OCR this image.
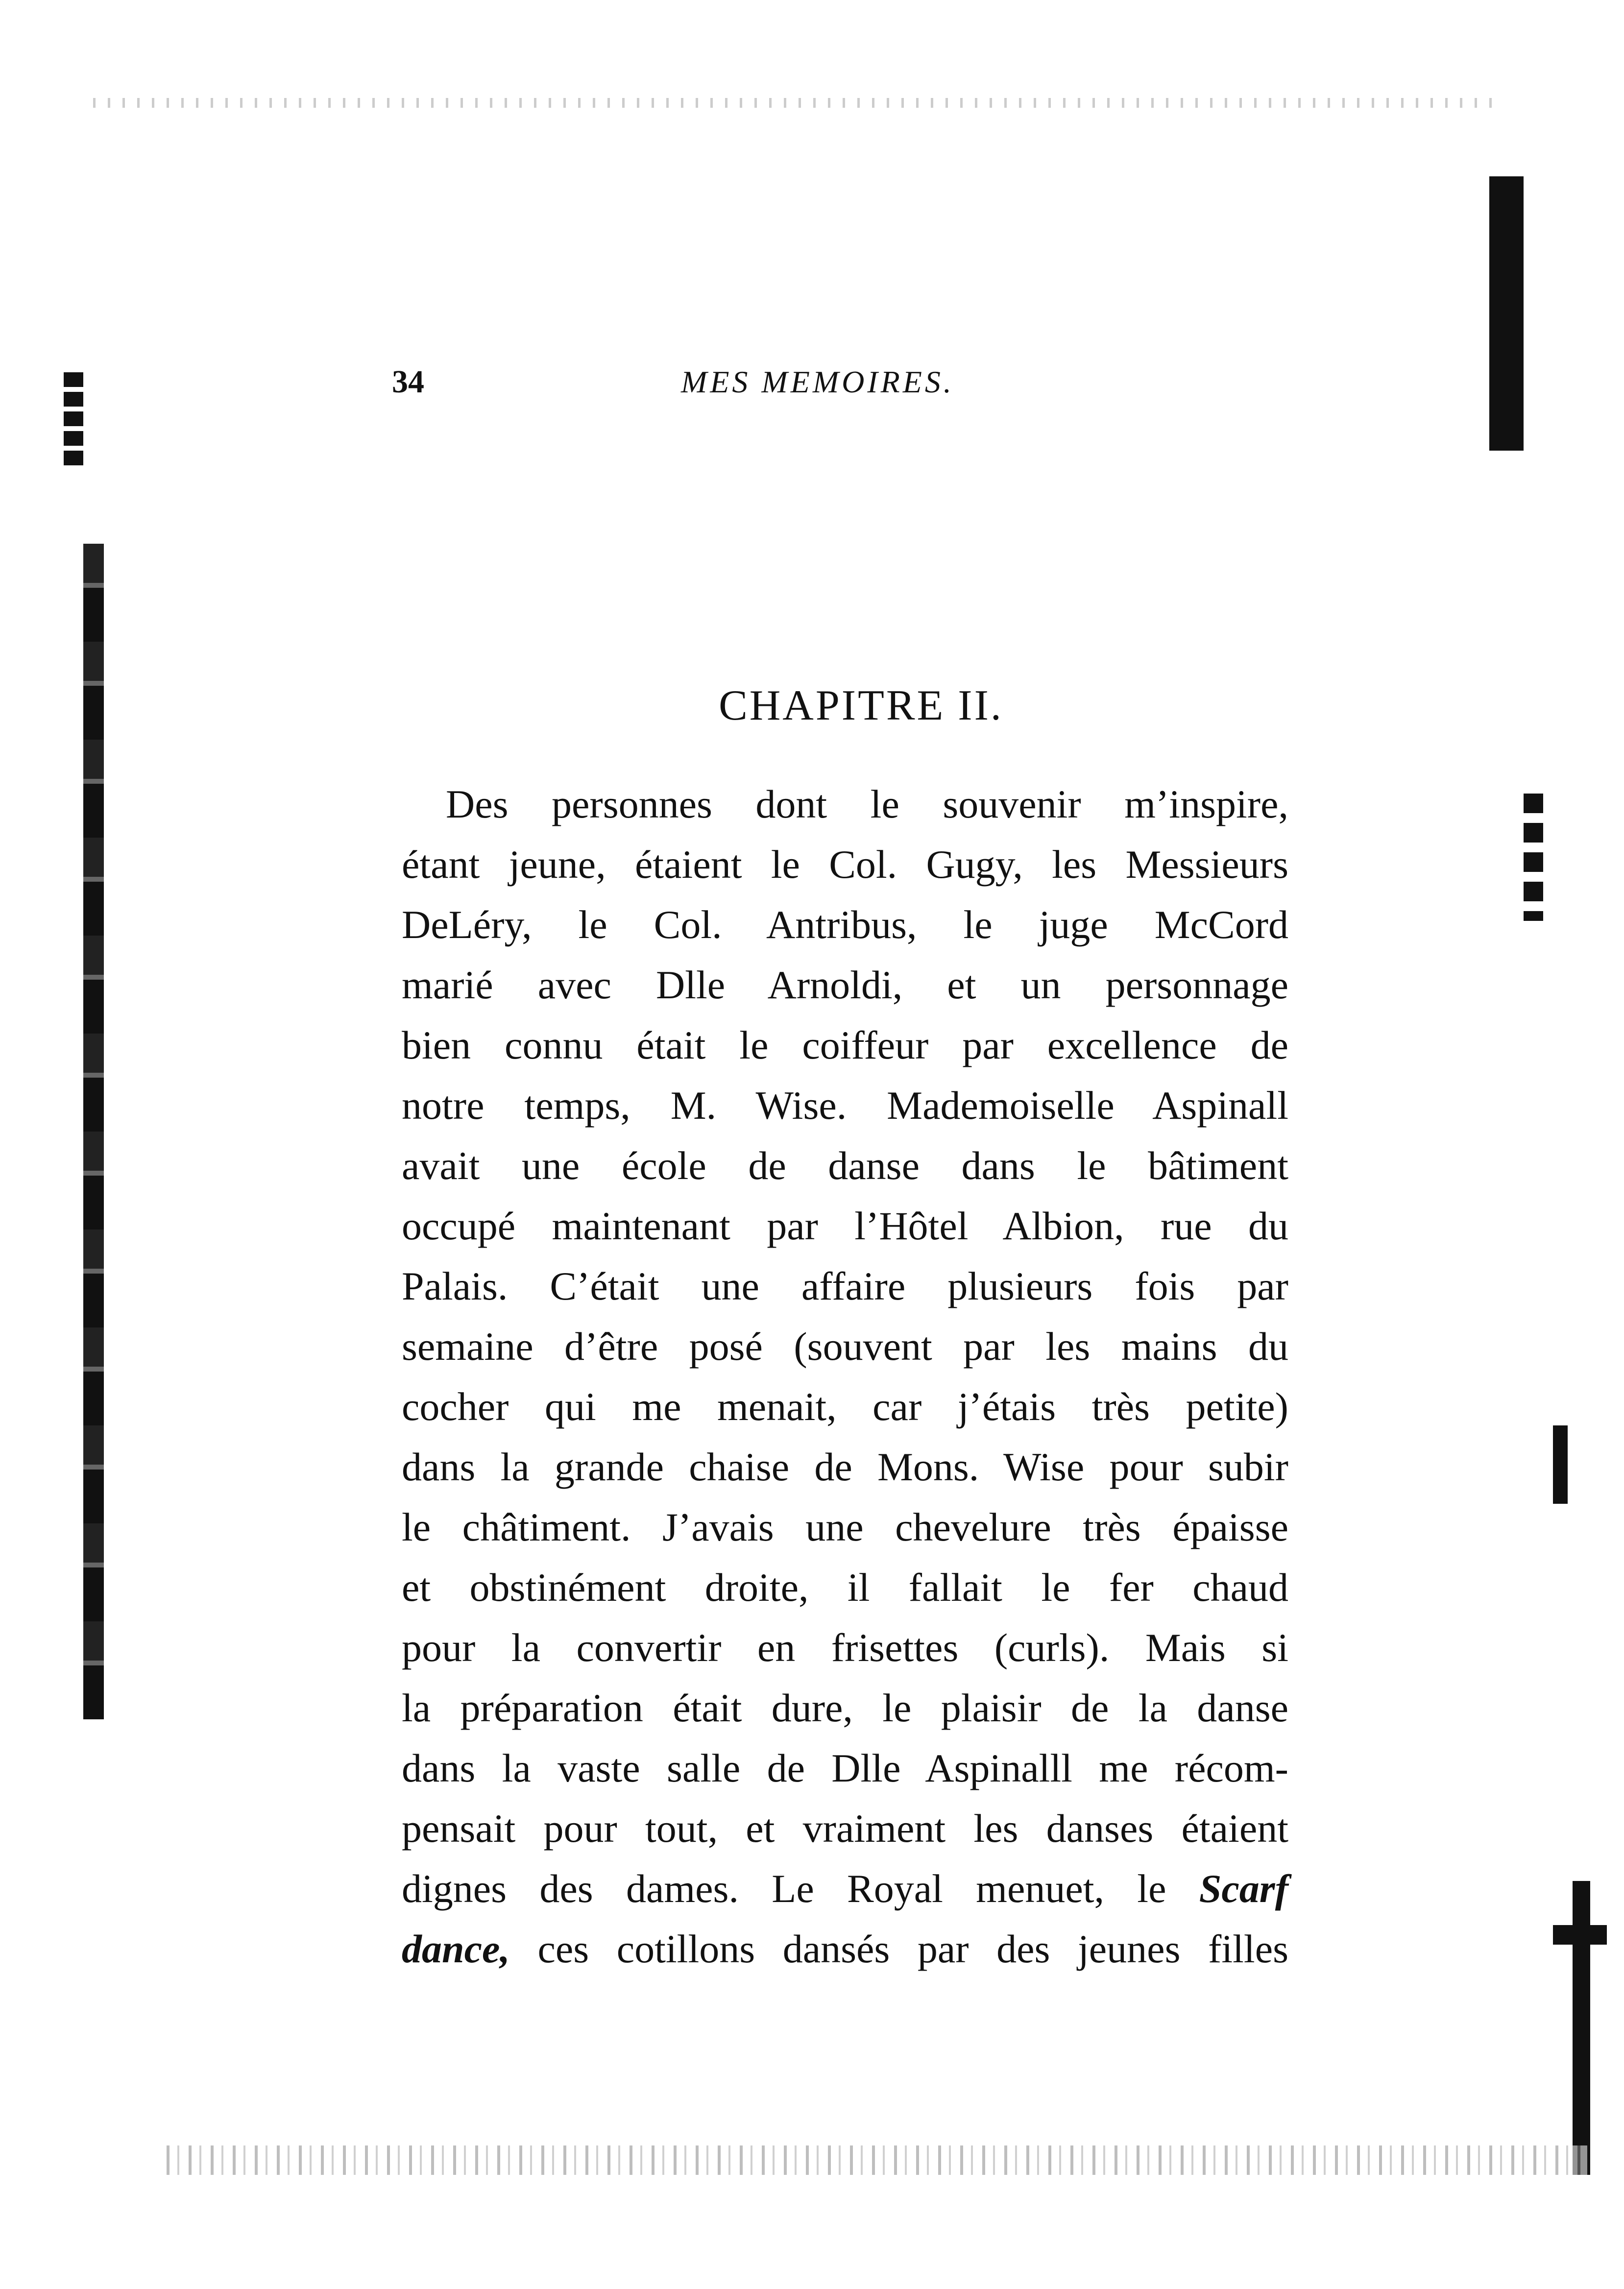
34	MES MEMOIRES.
CHAPITRE II.
Des personnes dont le souvenir m’inspire,
étant jeune, étaient le Col. Gugy, les Messieurs
DeLéry, le Col. Antribus, le juge McCord
marié avec Dlle Arnoldi, et un personnage
bien connu était le coiffeur par excellence de
notre temps, M. Wise. Mademoiselle Aspinall
avait une école de danse dans le bâtiment
occupé maintenant par l’Hôtel Albion, rue du
Palais. C’était une affaire plusieurs fois par
semaine d’être posé (souvent par les mains du
cocher qui me menait, car j’étais très petite)
dans la grande chaise de Mons. Wise pour subir
le châtiment. J’avais une chevelure très épaisse
et obstinément droite, il fallait le fer chaud
pour la convertir en frisettes (curls). Mais si
la préparation était dure, le plaisir de la danse
dans la vaste salle de Dlle Aspinalll me récom-
pensait pour tout, et vraiment les danses étaient
dignes des dames. Le Royal menuet, le Scarf
dance, ces cotillons dansés par des jeunes filles
